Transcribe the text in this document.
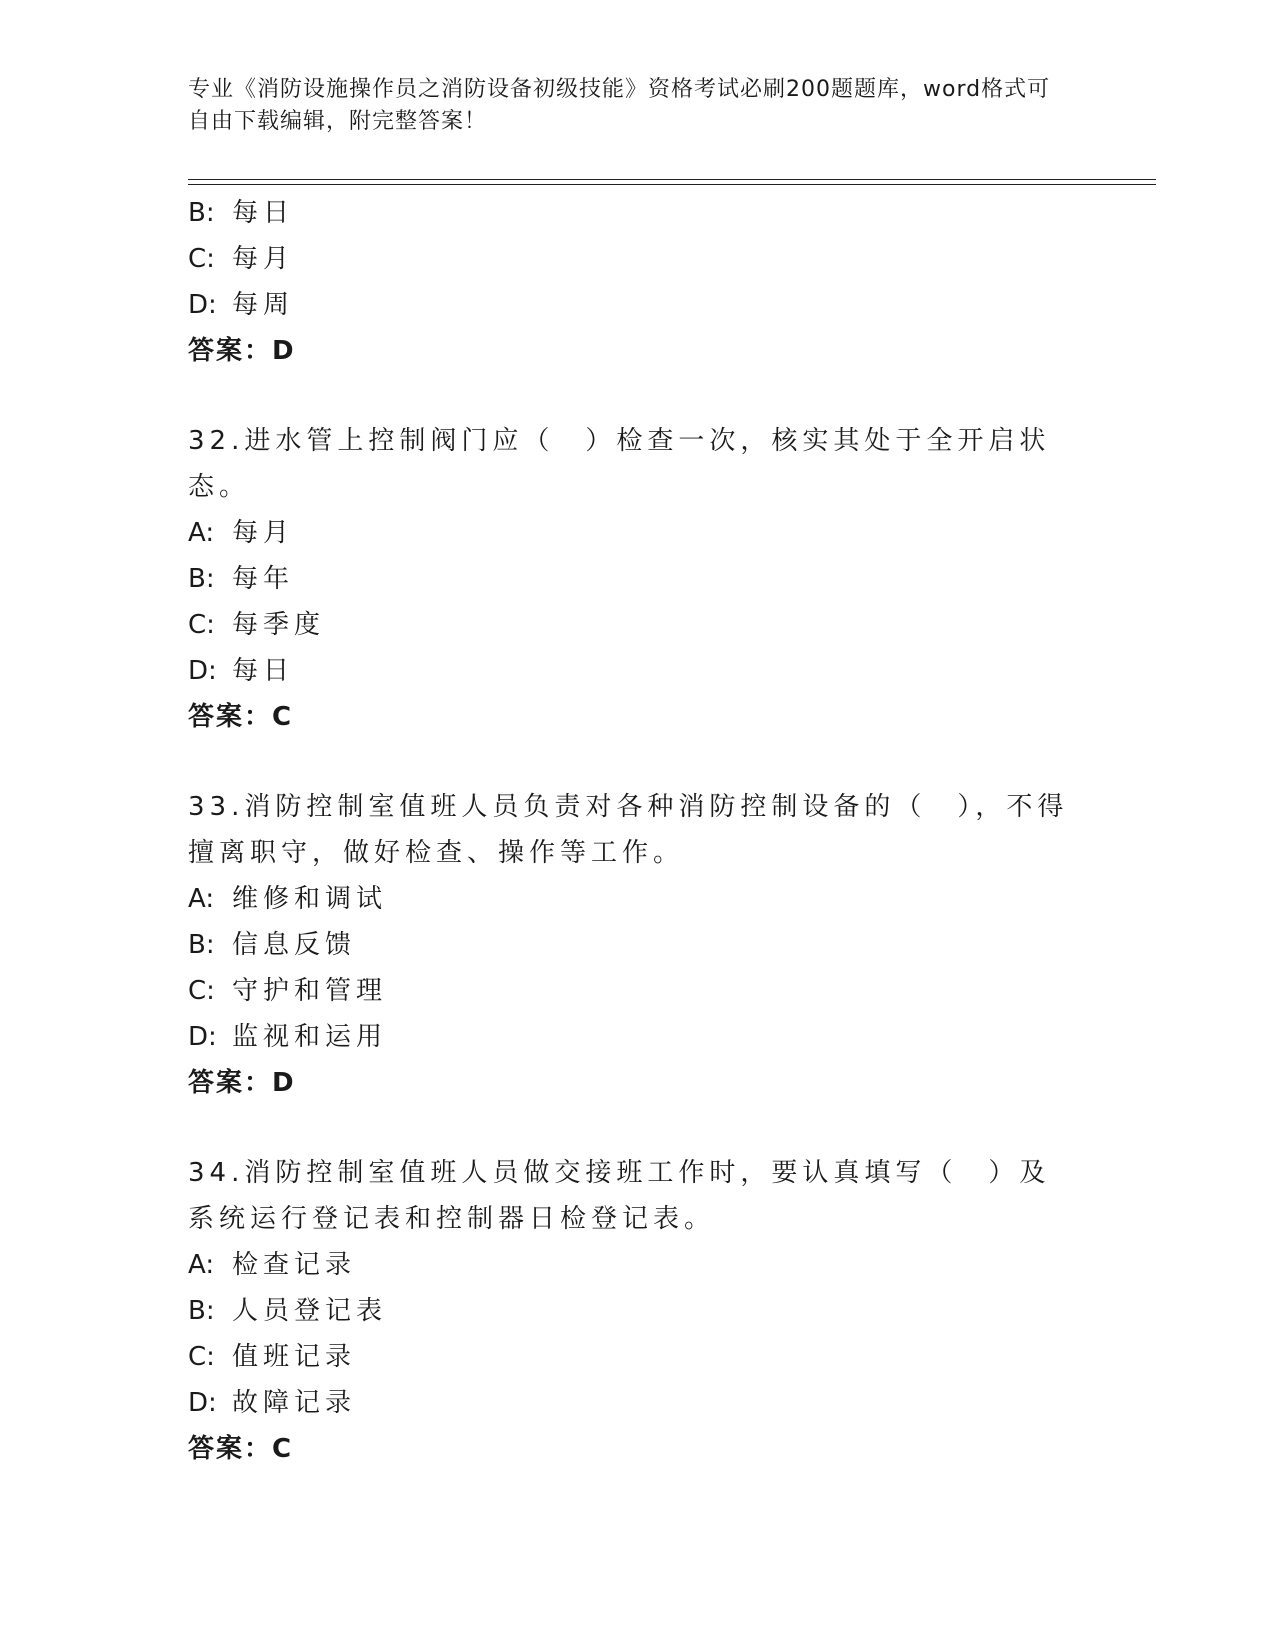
专业《消防设施操作员之消防设备初级技能》资格考试必刷200题题库，word格式可自由下载编辑，附完整答案！
B: 每日
C: 每月
D: 每周
答案：D
32.进水管上控制阀门应（　）检查一次，核实其处于全开启状态。
A: 每月
B: 每年
C: 每季度
D: 每日
答案：C
33.消防控制室值班人员负责对各种消防控制设备的（　），不得擅离职守，做好检查、操作等工作。
A: 维修和调试
B: 信息反馈
C: 守护和管理
D: 监视和运用
答案：D
34.消防控制室值班人员做交接班工作时，要认真填写（　）及系统运行登记表和控制器日检登记表。
A: 检查记录
B: 人员登记表
C: 值班记录
D: 故障记录
答案：C
